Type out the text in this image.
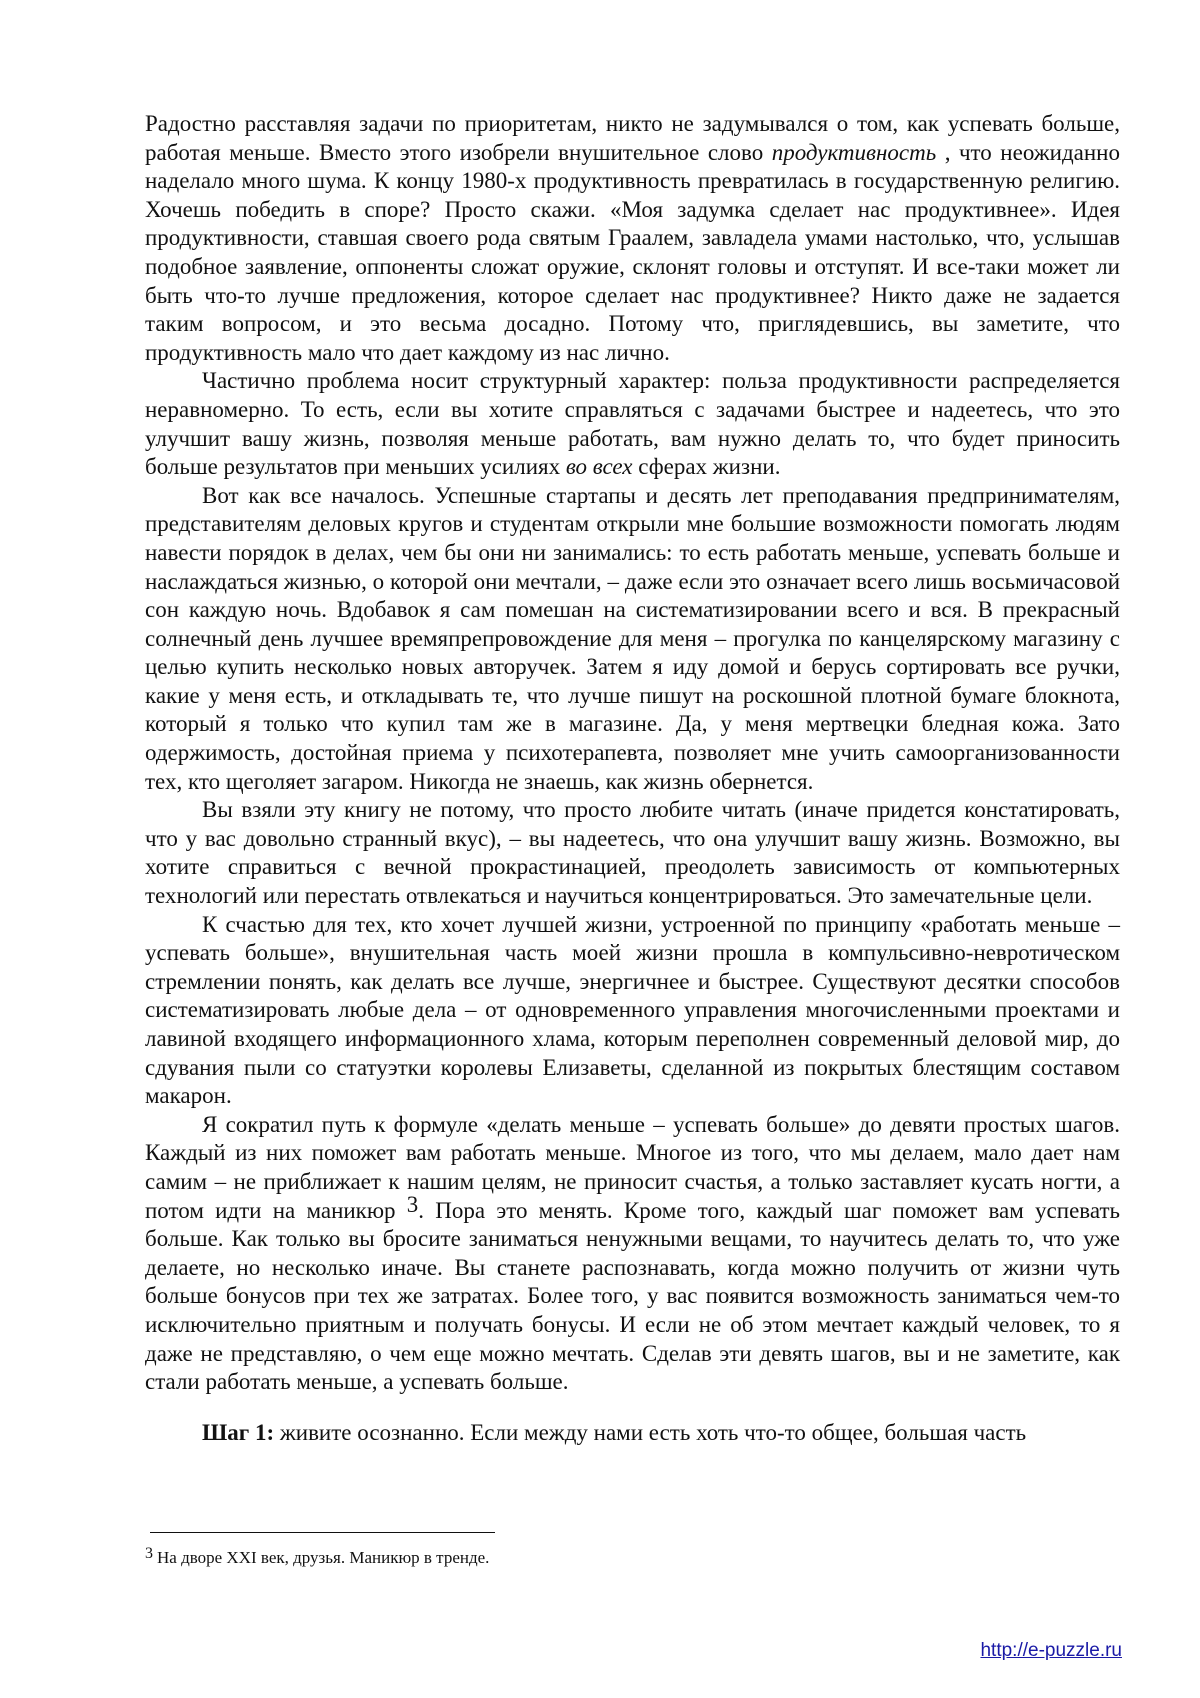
Радостно расставляя задачи по приоритетам, никто не задумывался о том, как успевать больше, работая меньше. Вместо этого изобрели внушительное слово продуктивность , что неожиданно наделало много шума. К концу 1980-х продуктивность превратилась в государственную религию. Хочешь победить в споре? Просто скажи. «Моя задумка сделает нас продуктивнее». Идея продуктивности, ставшая своего рода святым Граалем, завладела умами настолько, что, услышав подобное заявление, оппоненты сложат оружие, склонят головы и отступят. И все-таки может ли быть что-то лучше предложения, которое сделает нас продуктивнее? Никто даже не задается таким вопросом, и это весьма досадно. Потому что, приглядевшись, вы заметите, что продуктивность мало что дает каждому из нас лично.

Частично проблема носит структурный характер: польза продуктивности распределяется неравномерно. То есть, если вы хотите справляться с задачами быстрее и надеетесь, что это улучшит вашу жизнь, позволяя меньше работать, вам нужно делать то, что будет приносить больше результатов при меньших усилиях во всех сферах жизни.

Вот как все началось. Успешные стартапы и десять лет преподавания предпринимателям, представителям деловых кругов и студентам открыли мне большие возможности помогать людям навести порядок в делах, чем бы они ни занимались: то есть работать меньше, успевать больше и наслаждаться жизнью, о которой они мечтали, – даже если это означает всего лишь восьмичасовой сон каждую ночь. Вдобавок я сам помешан на систематизировании всего и вся. В прекрасный солнечный день лучшее времяпрепровождение для меня – прогулка по канцелярскому магазину с целью купить несколько новых авторучек. Затем я иду домой и берусь сортировать все ручки, какие у меня есть, и откладывать те, что лучше пишут на роскошной плотной бумаге блокнота, который я только что купил там же в магазине. Да, у меня мертвецки бледная кожа. Зато одержимость, достойная приема у психотерапевта, позволяет мне учить самоорганизованности тех, кто щеголяет загаром. Никогда не знаешь, как жизнь обернется.

Вы взяли эту книгу не потому, что просто любите читать (иначе придется констатировать, что у вас довольно странный вкус), – вы надеетесь, что она улучшит вашу жизнь. Возможно, вы хотите справиться с вечной прокрастинацией, преодолеть зависимость от компьютерных технологий или перестать отвлекаться и научиться концентрироваться. Это замечательные цели.

К счастью для тех, кто хочет лучшей жизни, устроенной по принципу «работать меньше – успевать больше», внушительная часть моей жизни прошла в компульсивно-невротическом стремлении понять, как делать все лучше, энергичнее и быстрее. Существуют десятки способов систематизировать любые дела – от одновременного управления многочисленными проектами и лавиной входящего информационного хлама, которым переполнен современный деловой мир, до сдувания пыли со статуэтки королевы Елизаветы, сделанной из покрытых блестящим составом макарон.

Я сократил путь к формуле «делать меньше – успевать больше» до девяти простых шагов. Каждый из них поможет вам работать меньше. Многое из того, что мы делаем, мало дает нам самим – не приближает к нашим целям, не приносит счастья, а только заставляет кусать ногти, а потом идти на маникюр $^3$. Пора это менять. Кроме того, каждый шаг поможет вам успевать больше. Как только вы бросите заниматься ненужными вещами, то научитесь делать то, что уже делаете, но несколько иначе. Вы станете распознавать, когда можно получить от жизни чуть больше бонусов при тех же затратах. Более того, у вас появится возможность заниматься чем-то исключительно приятным и получать бонусы. И если не об этом мечтает каждый человек, то я даже не представляю, о чем еще можно мечтать. Сделав эти девять шагов, вы и не заметите, как стали работать меньше, а успевать больше.

Шаг 1: живите осознанно. Если между нами есть хоть что-то общее, большая часть

$^3$ На дворе XXI век, друзья. Маникюр в тренде.
http://e-puzzle.ru
